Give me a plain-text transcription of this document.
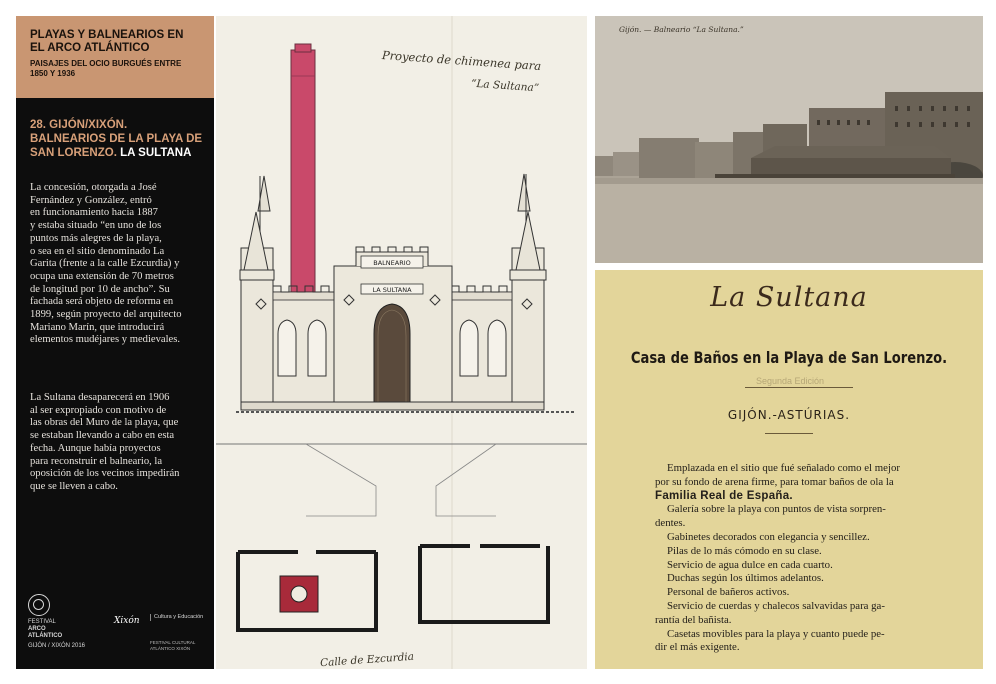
PLAYAS Y BALNEARIOS EN EL ARCO ATLÁNTICO
PAISAJES DEL OCIO BURGUÉS ENTRE 1850 Y 1936
28. GIJÓN/XIXÓN. BALNEARIOS DE LA PLAYA DE SAN LORENZO. LA SULTANA
La concesión, otorgada a José
Fernández y González, entró
en funcionamiento hacia 1887
y estaba situado “en uno de los
puntos más alegres de la playa,
o sea en el sitio denominado La
Garita (frente a la calle Ezcurdia) y
ocupa una extensión de 70 metros
de longitud por 10 de ancho”. Su
fachada será objeto de reforma en
1899, según proyecto del arquitecto
Mariano Marín, que introducirá
elementos mudéjares y medievales.
La Sultana desaparecerá en 1906
al ser expropiado con motivo de
las obras del Muro de la playa, que
se estaban llevando a cabo en esta
fecha. Aunque había proyectos
para reconstruir el balneario, la
oposición de los vecinos impedirán
que se lleven a cabo.
FESTIVAL
ARCO
ATLÁNTICO
GIJÓN / XIXÓN 2016
Xixón	Cultura y Educación
FESTIVAL CULTURAL ATLÁNTICO XIXÓN
BALNEARIO
LA SULTANA
Proyecto de chimenea para
“La Sultana”
Calle de Ezcurdia
Gijón. — Balneario “La Sultana.”
La Sultana
Casa de Baños en la Playa de San Lorenzo.
Segunda Edición
GIJÓN.-ASTÚRIAS.
Emplazada en el sitio que fué señalado como el mejor
por su fondo de arena firme, para tomar baños de ola la
Familia Real de España.
Galería sobre la playa con puntos de vista sorpren-
dentes.
Gabinetes decorados con elegancia y sencillez.
Pilas de lo más cómodo en su clase.
Servicio de agua dulce en cada cuarto.
Duchas según los últimos adelantos.
Personal de bañeros activos.
Servicio de cuerdas y chalecos salvavidas para ga-
rantía del bañista.
Casetas movibles para la playa y cuanto puede pe-
dir el más exigente.
